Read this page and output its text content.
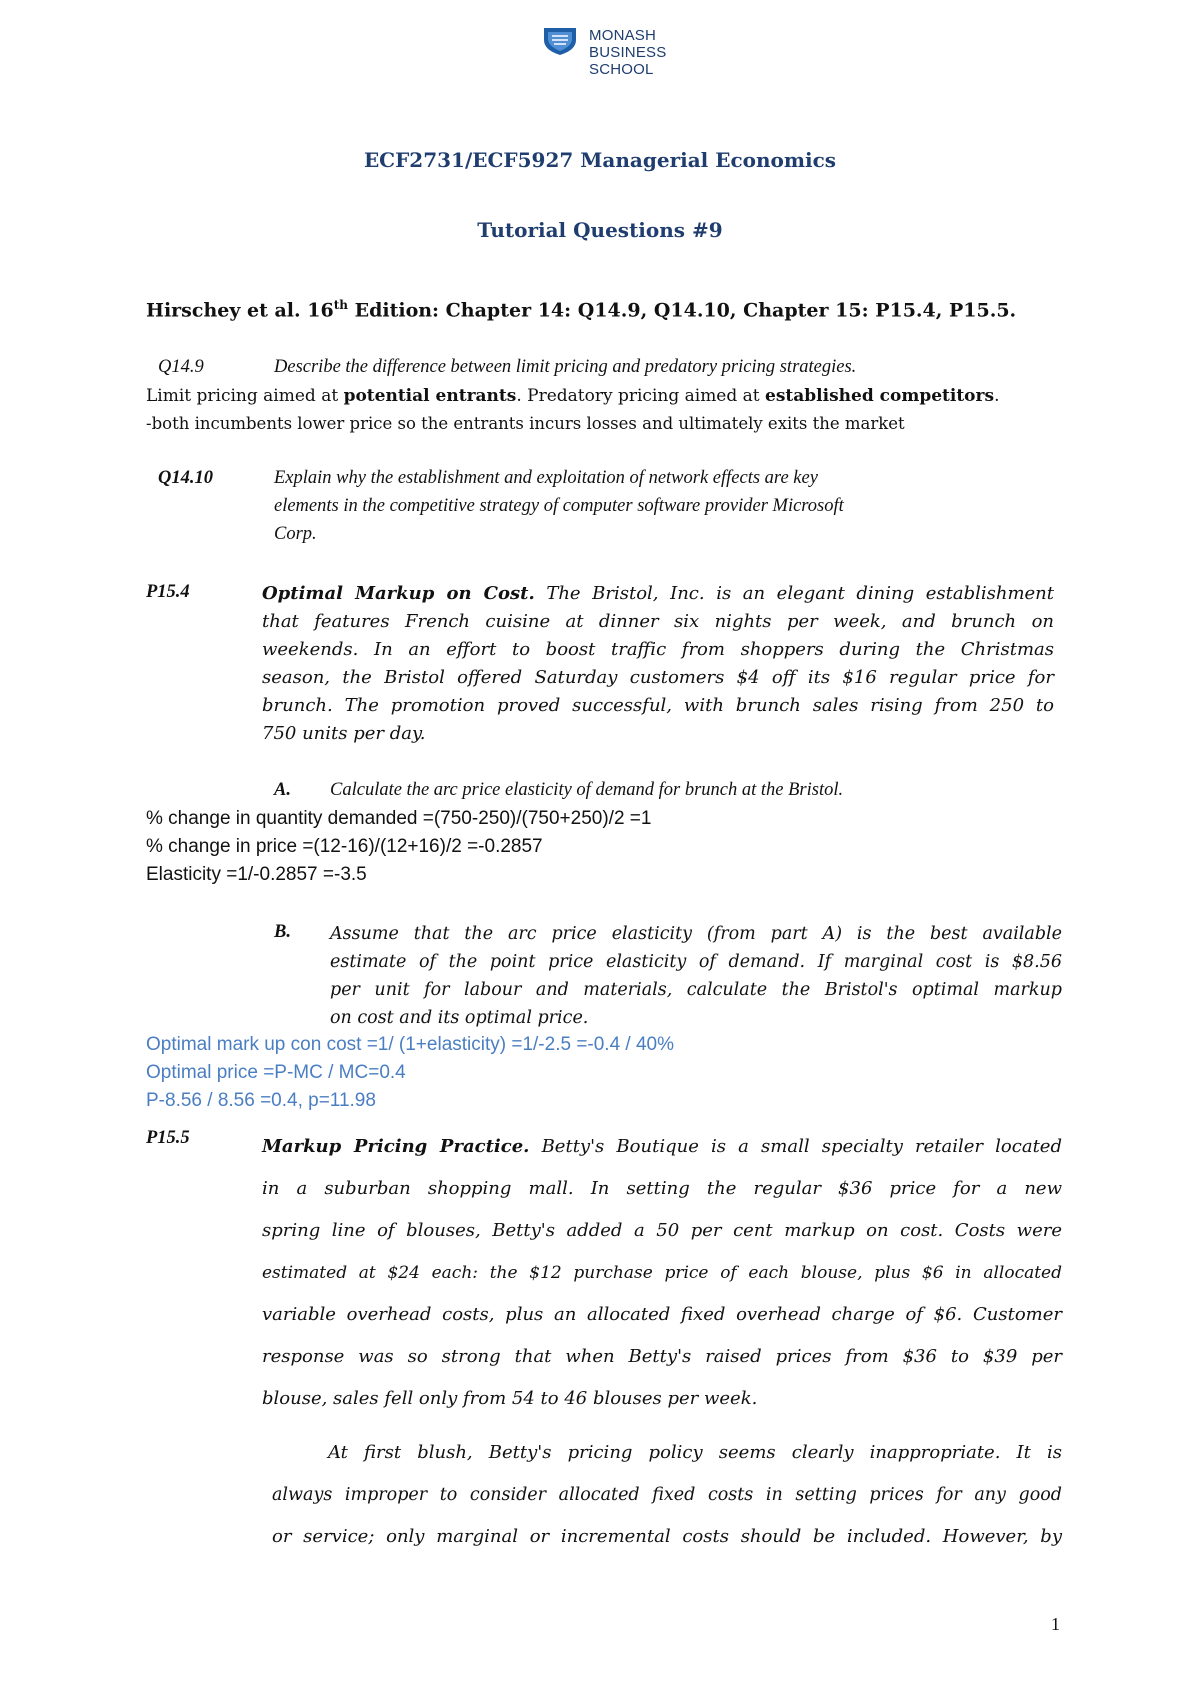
MONASH
BUSINESS
SCHOOL
ECF2731/ECF5927 Managerial Economics
Tutorial Questions #9
Hirschey et al. 16th Edition: Chapter 14: Q14.9, Q14.10, Chapter 15: P15.4, P15.5.
Q14.9	Describe the difference between limit pricing and predatory pricing strategies.
Limit pricing aimed at potential entrants. Predatory pricing aimed at established competitors.
-both incumbents lower price so the entrants incurs losses and ultimately exits the market
Q14.10	Explain why the establishment and exploitation of network effects are key
elements in the competitive strategy of computer software provider Microsoft
Corp.
P15.4	Optimal Markup on Cost. The Bristol, Inc. is an elegant dining establishment
that features French cuisine at dinner six nights per week, and brunch on
weekends. In an effort to boost traffic from shoppers during the Christmas
season, the Bristol offered Saturday customers $4 off its $16 regular price for
brunch. The promotion proved successful, with brunch sales rising from 250 to
750 units per day.
A. Calculate the arc price elasticity of demand for brunch at the Bristol.
% change in quantity demanded =(750-250)/(750+250)/2 =1
% change in price =(12-16)/(12+16)/2 =-0.2857
Elasticity =1/-0.2857 =-3.5
B. Assume that the arc price elasticity (from part A) is the best available
estimate of the point price elasticity of demand. If marginal cost is $8.56
per unit for labour and materials, calculate the Bristol's optimal markup
on cost and its optimal price.
Optimal mark up con cost =1/ (1+elasticity) =1/-2.5 =-0.4 / 40%
Optimal price =P-MC / MC=0.4
P-8.56 / 8.56 =0.4, p=11.98
P15.5	Markup Pricing Practice. Betty's Boutique is a small specialty retailer located
in a suburban shopping mall. In setting the regular $36 price for a new
spring line of blouses, Betty's added a 50 per cent markup on cost. Costs were
estimated at $24 each: the $12 purchase price of each blouse, plus $6 in allocated
variable overhead costs, plus an allocated fixed overhead charge of $6. Customer
response was so strong that when Betty's raised prices from $36 to $39 per
blouse, sales fell only from 54 to 46 blouses per week.
At first blush, Betty's pricing policy seems clearly inappropriate. It is
always improper to consider allocated fixed costs in setting prices for any good
or service; only marginal or incremental costs should be included. However, by
1
